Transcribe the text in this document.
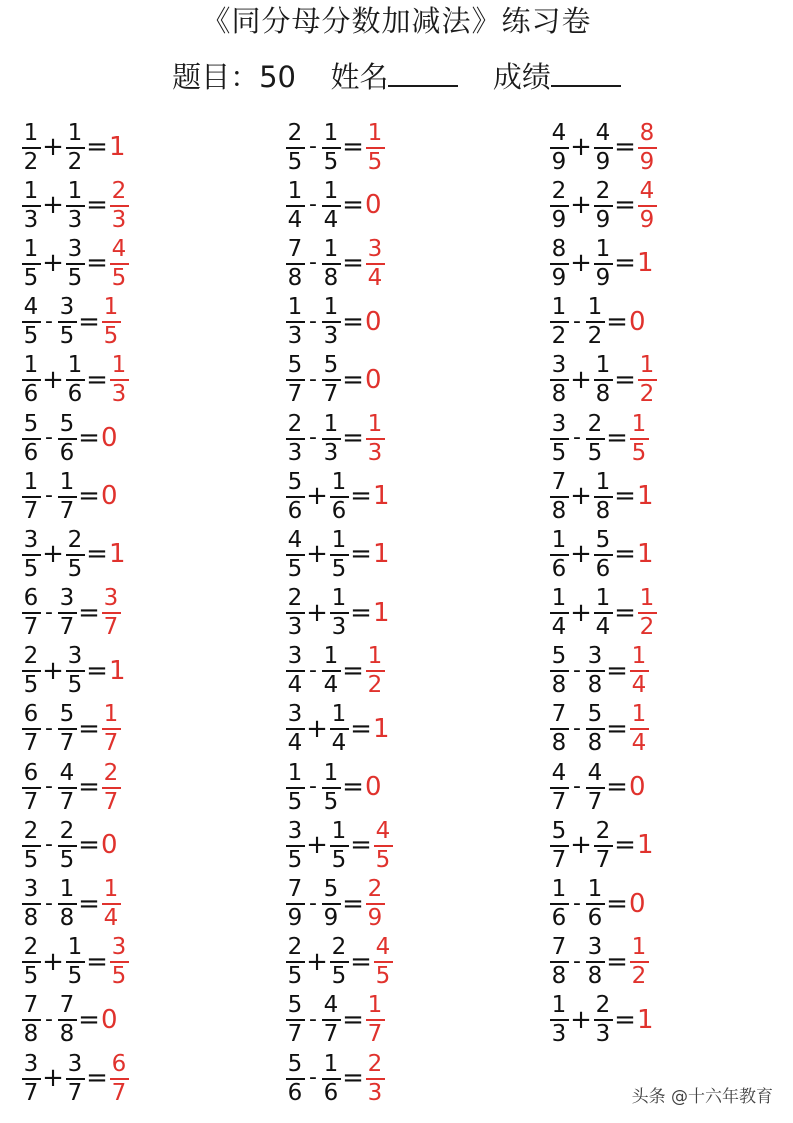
《同分母分数加减法》练习卷
题目：50 姓名	成绩
$\frac{1}{2} + \frac{1}{2} = 1$
$\frac{1}{3} + \frac{1}{3} = \frac{2}{3}$
$\frac{1}{5} + \frac{3}{5} = \frac{4}{5}$
$\frac{4}{5} - \frac{3}{5} = \frac{1}{5}$
$\frac{1}{6} + \frac{1}{6} = \frac{1}{3}$
$\frac{5}{6} - \frac{5}{6} = 0$
$\frac{1}{7} - \frac{1}{7} = 0$
$\frac{3}{5} + \frac{2}{5} = 1$
$\frac{6}{7} - \frac{3}{7} = \frac{3}{7}$
$\frac{2}{5} + \frac{3}{5} = 1$
$\frac{6}{7} - \frac{5}{7} = \frac{1}{7}$
$\frac{6}{7} - \frac{4}{7} = \frac{2}{7}$
$\frac{2}{5} - \frac{2}{5} = 0$
$\frac{3}{8} - \frac{1}{8} = \frac{1}{4}$
$\frac{2}{5} + \frac{1}{5} = \frac{3}{5}$
$\frac{7}{8} - \frac{7}{8} = 0$
$\frac{3}{7} + \frac{3}{7} = \frac{6}{7}$
$\frac{2}{5} - \frac{1}{5} = \frac{1}{5}$
$\frac{1}{4} - \frac{1}{4} = 0$
$\frac{7}{8} - \frac{1}{8} = \frac{3}{4}$
$\frac{1}{3} - \frac{1}{3} = 0$
$\frac{5}{7} - \frac{5}{7} = 0$
$\frac{2}{3} - \frac{1}{3} = \frac{1}{3}$
$\frac{5}{6} + \frac{1}{6} = 1$
$\frac{4}{5} + \frac{1}{5} = 1$
$\frac{2}{3} + \frac{1}{3} = 1$
$\frac{3}{4} - \frac{1}{4} = \frac{1}{2}$
$\frac{3}{4} + \frac{1}{4} = 1$
$\frac{1}{5} - \frac{1}{5} = 0$
$\frac{3}{5} + \frac{1}{5} = \frac{4}{5}$
$\frac{7}{9} - \frac{5}{9} = \frac{2}{9}$
$\frac{2}{5} + \frac{2}{5} = \frac{4}{5}$
$\frac{5}{7} - \frac{4}{7} = \frac{1}{7}$
$\frac{5}{6} - \frac{1}{6} = \frac{2}{3}$
$\frac{4}{9} + \frac{4}{9} = \frac{8}{9}$
$\frac{2}{9} + \frac{2}{9} = \frac{4}{9}$
$\frac{8}{9} + \frac{1}{9} = 1$
$\frac{1}{2} - \frac{1}{2} = 0$
$\frac{3}{8} + \frac{1}{8} = \frac{1}{2}$
$\frac{3}{5} - \frac{2}{5} = \frac{1}{5}$
$\frac{7}{8} + \frac{1}{8} = 1$
$\frac{1}{6} + \frac{5}{6} = 1$
$\frac{1}{4} + \frac{1}{4} = \frac{1}{2}$
$\frac{5}{8} - \frac{3}{8} = \frac{1}{4}$
$\frac{7}{8} - \frac{5}{8} = \frac{1}{4}$
$\frac{4}{7} - \frac{4}{7} = 0$
$\frac{5}{7} + \frac{2}{7} = 1$
$\frac{1}{6} - \frac{1}{6} = 0$
$\frac{7}{8} - \frac{3}{8} = \frac{1}{2}$
$\frac{1}{3} + \frac{2}{3} = 1$
头条 @十六年教育
